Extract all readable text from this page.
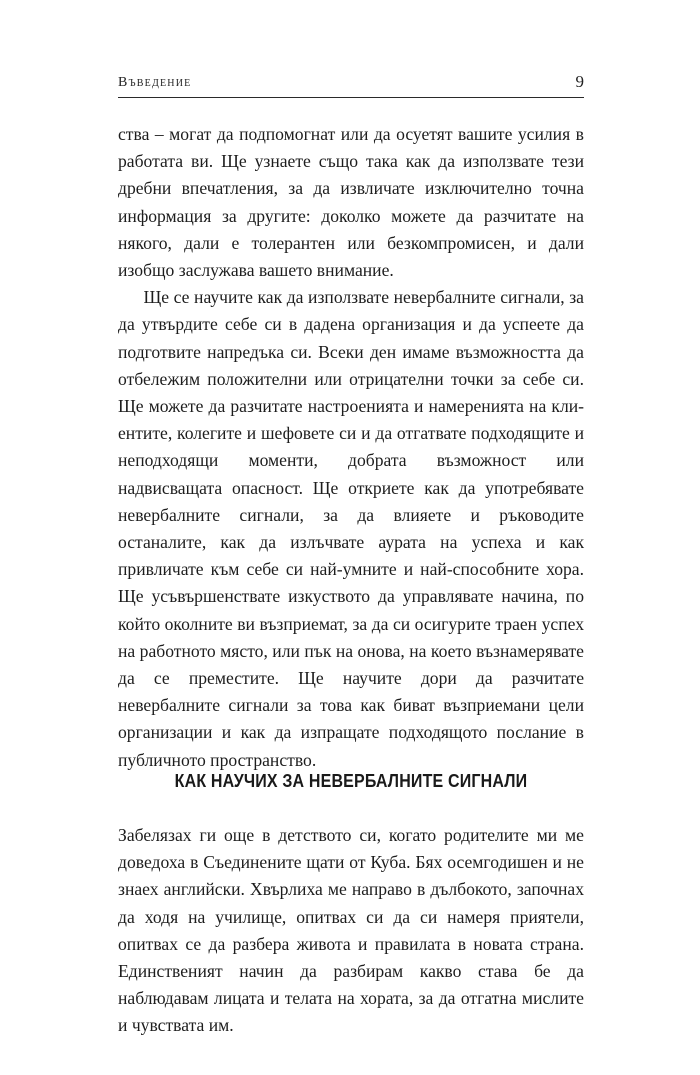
Въведение	9

ства – могат да подпомогнат или да осуетят вашите усилия в работата ви. Ще узнаете също така как да използвате тези дребни впечатления, за да извличате изключително точна информация за другите: доколко можете да разчитате на някого, дали е толерантен или безкомпромисен, и дали изобщо заслужава вашето внимание.

Ще се научите как да използвате невербалните сигнали, за да утвърдите себе си в дадена организация и да успеете да подготвите напредъка си. Всеки ден имаме възможността да отбележим положителни или отрицателни точки за себе си. Ще можете да разчитате настроенията и намеренията на клиентите, колегите и шефовете си и да отгатвате подходящите и неподходящи моменти, добрата възможност или надвисващата опасност. Ще откриете как да употребявате невербалните сигнали, за да влияете и ръководите останалите, как да излъчвате аурата на успеха и как привличате към себе си най-умните и най-способните хора. Ще усъвършенствате изкуството да управлявате начина, по който околните ви възприемат, за да си осигурите траен успех на работното място, или пък на онова, на което възнамерявате да се преместите. Ще научите дори да разчитате невербалните сигнали за това как биват възприемани цели организации и как да изпращате подходящото послание в публичното пространство.

КАК НАУЧИХ ЗА НЕВЕРБАЛНИТЕ СИГНАЛИ

Забелязах ги още в детството си, когато родителите ми ме доведоха в Съединените щати от Куба. Бях осемгодишен и не знаех английски. Хвърлиха ме направо в дълбокото, започнах да ходя на училище, опитвах си да си намеря приятели, опитвах се да разбера живота и правилата в новата страна. Единственият начин да разбирам какво става бе да наблюдавам лицата и телата на хората, за да отгатна мислите и чувствата им.
